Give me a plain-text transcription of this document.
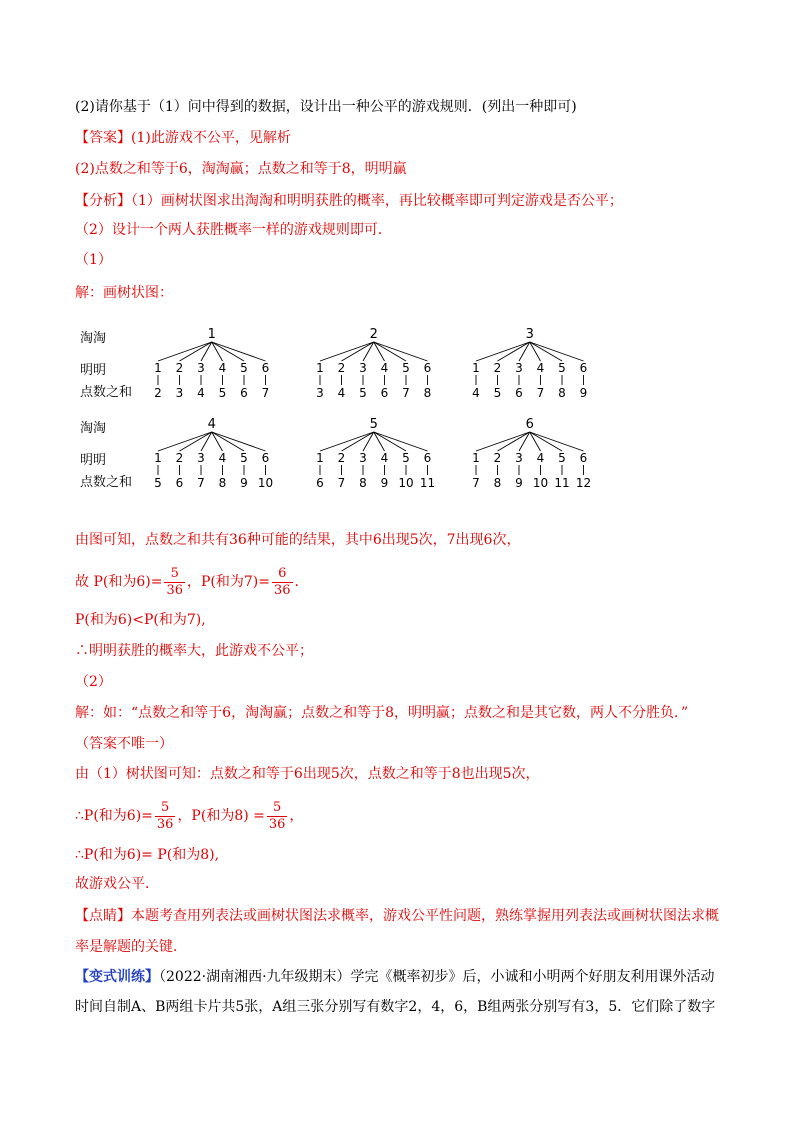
(2)请你基于（1）问中得到的数据，设计出一种公平的游戏规则．(列出一种即可)
【答案】(1)此游戏不公平，见解析
(2)点数之和等于6，淘淘赢；点数之和等于8，明明赢
【分析】（1）画树状图求出淘淘和明明获胜的概率，再比较概率即可判定游戏是否公平；
（2）设计一个两人获胜概率一样的游戏规则即可．
（1）
解：画树状图：
淘淘
明明
点数之和
1
1
2
2
3
3
4
4
5
5
6
6
7
2
1
3
2
4
3
5
4
6
5
7
6
8
3
1
4
2
5
3
6
4
7
5
8
6
9
淘淘
明明
点数之和
4
1
5
2
6
3
7
4
8
5
9
6
10
5
1
6
2
7
3
8
4
9
5
10
6
11
6
1
7
2
8
3
9
4
10
5
11
6
12
由图可知，点数之和共有36种可能的结果，其中6出现5次，7出现6次，
故 P(和为$6)= \frac{5}{36}$ ，P(和为$7)= \frac{6}{36}$ ．
P(和为6)<P(和为7),
∴明明获胜的概率大，此游戏不公平；
（2）
解：如：“点数之和等于6，淘淘赢；点数之和等于8，明明赢；点数之和是其它数，两人不分胜负．”
（答案不唯一）
由（1）树状图可知：点数之和等于6出现5次，点数之和等于8也出现5次，
∴P(和为$6)= \frac{5}{36}$ ，P(和为$8) = \frac{5}{36}$ ，
∴P(和为6)= P(和为8),
故游戏公平．
【点睛】本题考查用列表法或画树状图法求概率，游戏公平性问题，熟练掌握用列表法或画树状图法求概
率是解题的关键．
【变式训练】（2022·湖南湘西·九年级期末）学完《概率初步》后，小诚和小明两个好朋友利用课外活动
时间自制A、B两组卡片共5张，A组三张分别写有数字2，4，6，B组两张分别写有3，5．它们除了数字
